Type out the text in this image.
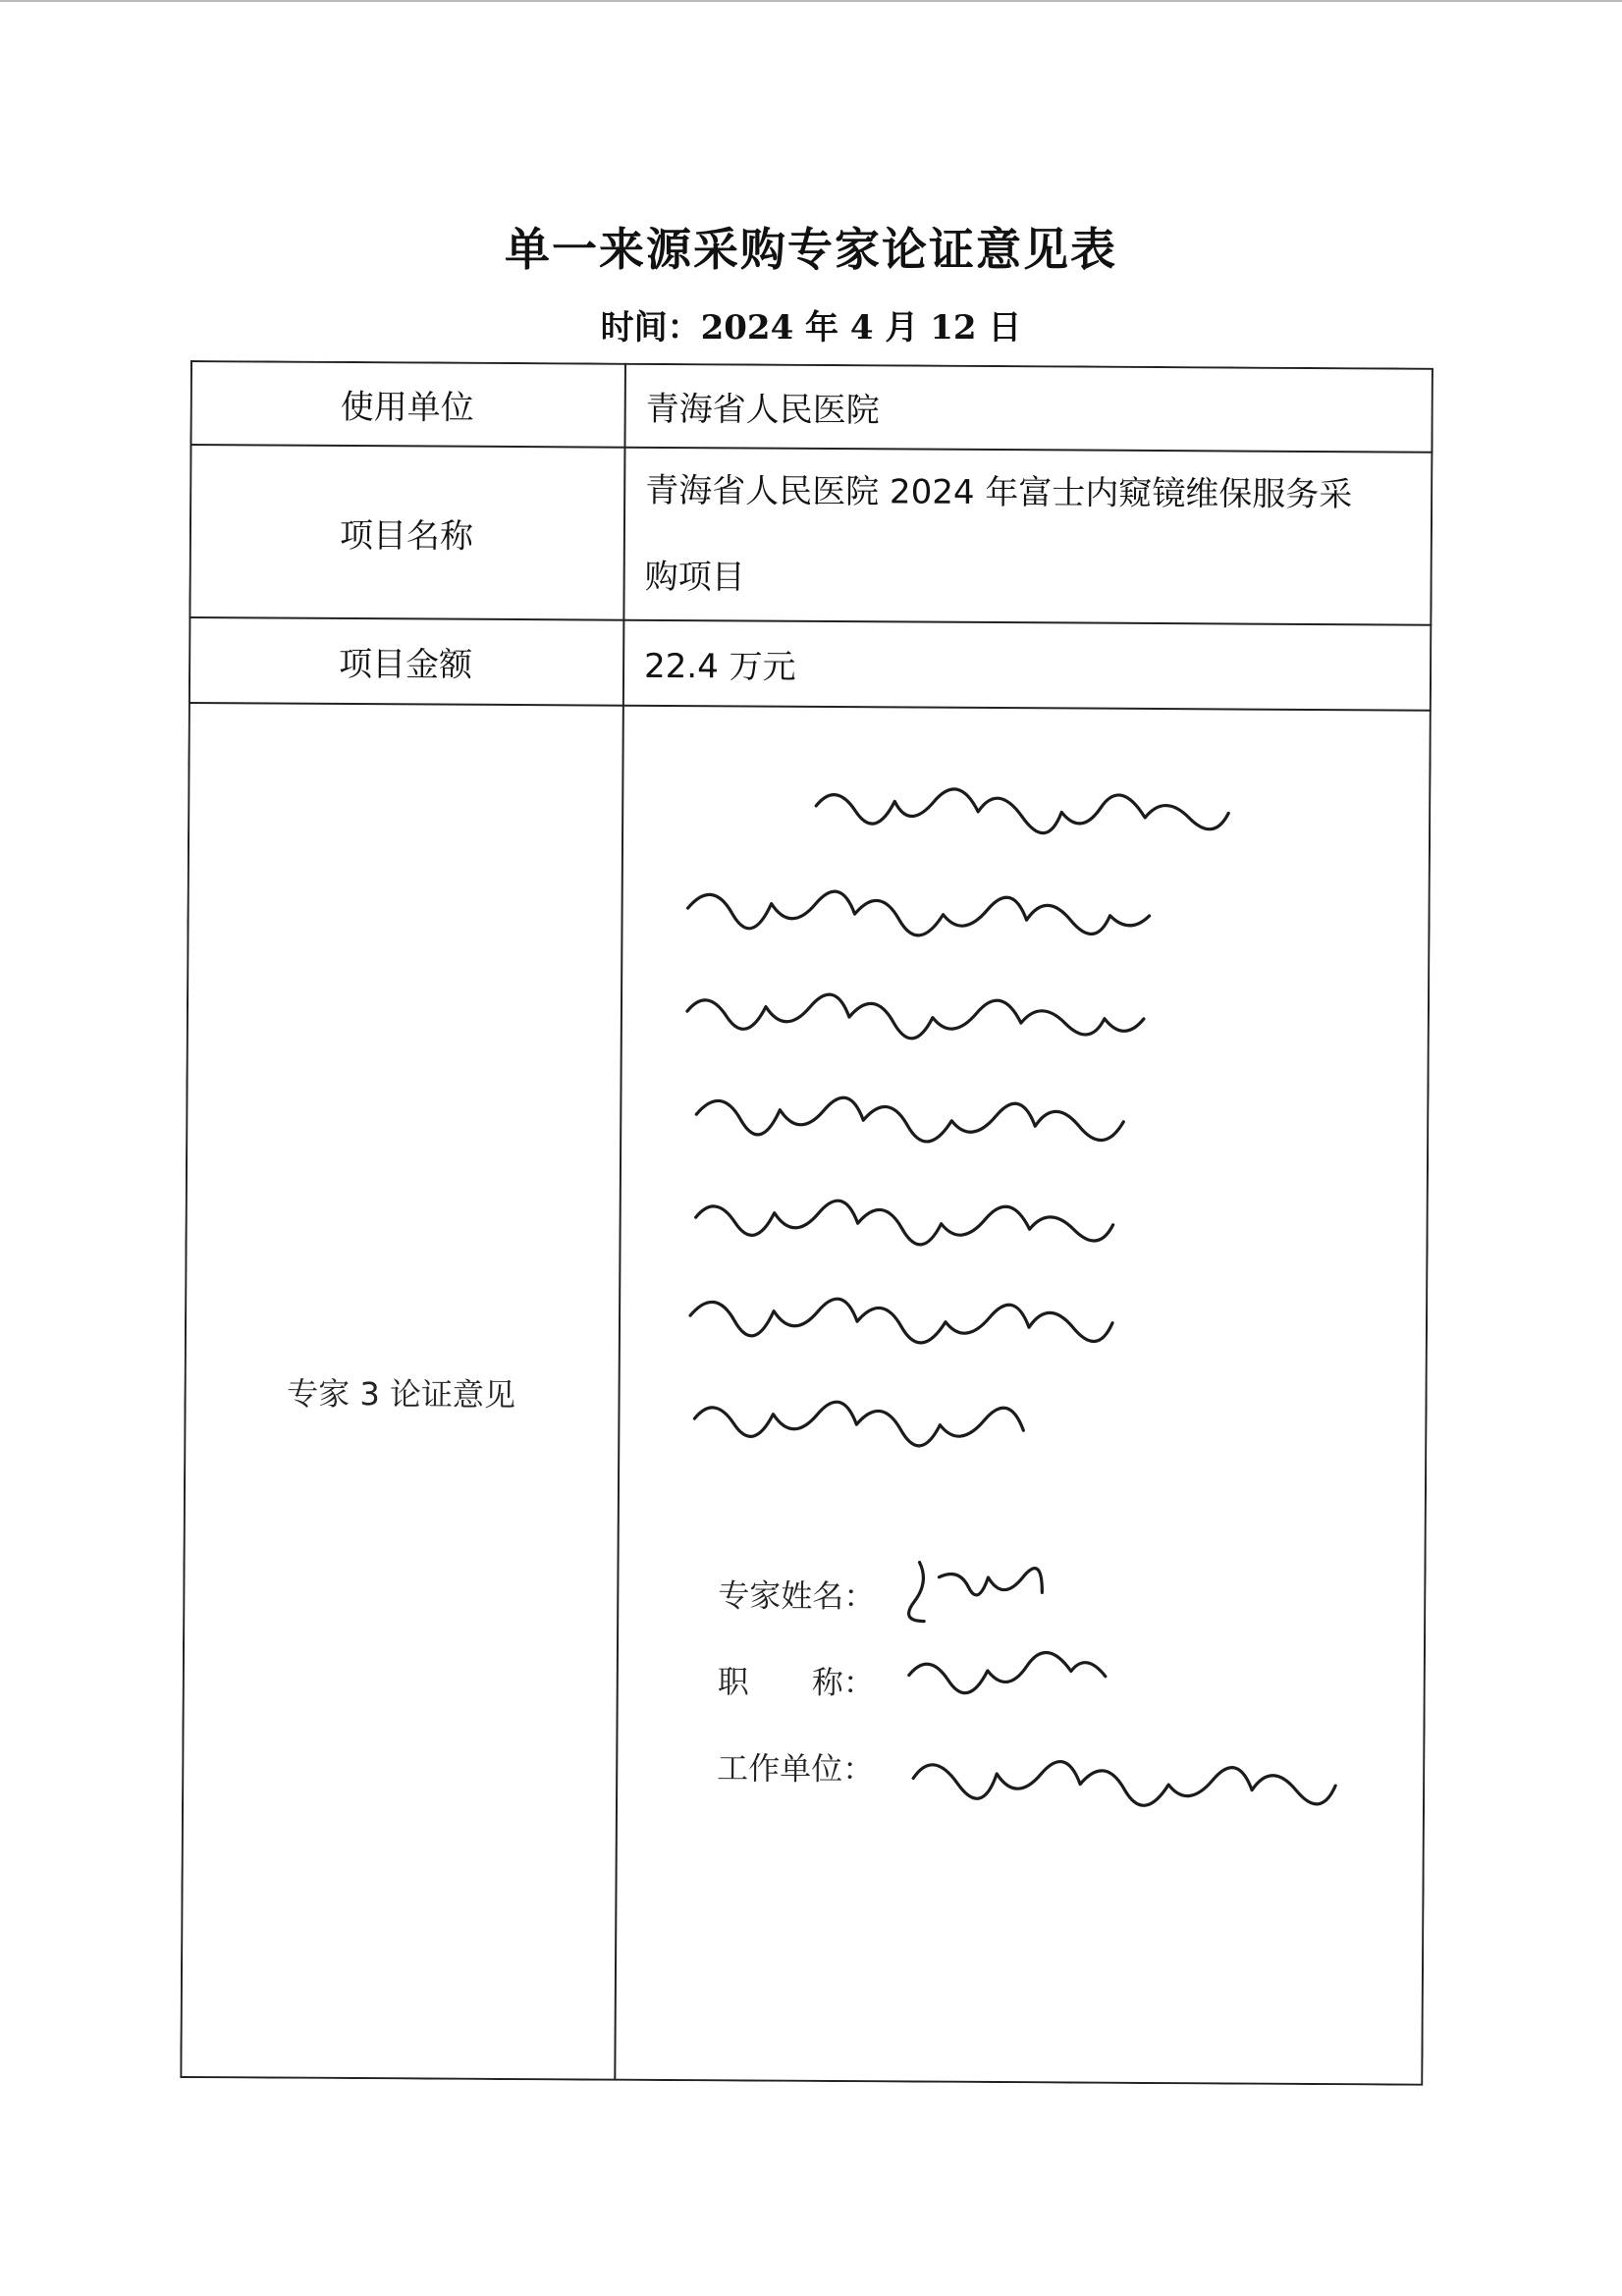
单一来源采购专家论证意见表
时间：2024 年 4 月 12 日
使用单位	青海省人民医院
项目名称
青海省人民医院 2024 年富士内窥镜维保服务采
购项目
项目金额	22.4 万元
专家 3 论证意见
专家姓名：
职　　称：
工作单位：
